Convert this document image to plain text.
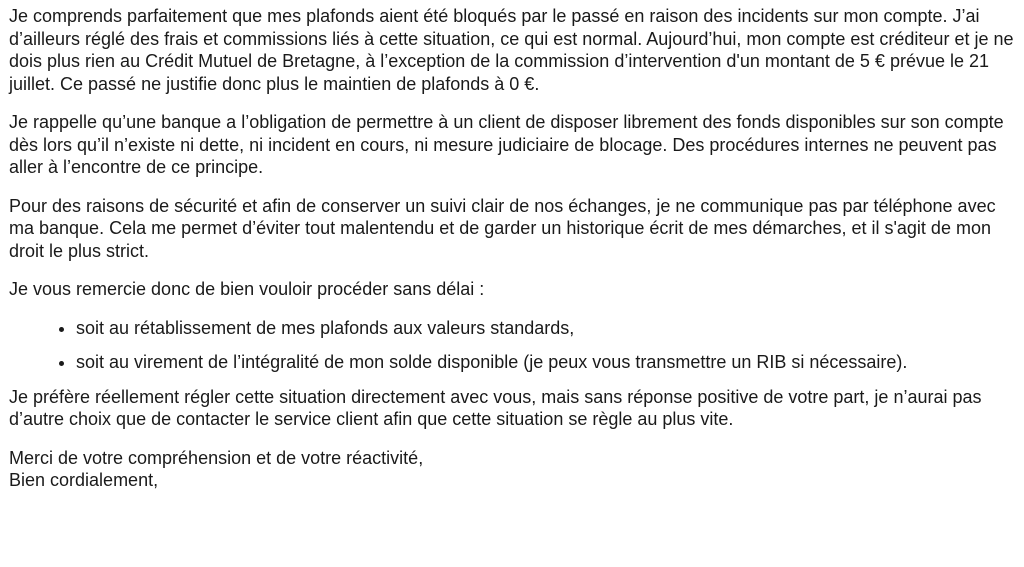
Je comprends parfaitement que mes plafonds aient été bloqués par le passé en raison des incidents sur mon compte. J’ai d’ailleurs réglé des frais et commissions liés à cette situation, ce qui est normal. Aujourd’hui, mon compte est créditeur et je ne dois plus rien au Crédit Mutuel de Bretagne, à l’exception de la commission d’intervention d'un montant de 5 € prévue le 21 juillet. Ce passé ne justifie donc plus le maintien de plafonds à 0 €.

Je rappelle qu’une banque a l’obligation de permettre à un client de disposer librement des fonds disponibles sur son compte dès lors qu’il n’existe ni dette, ni incident en cours, ni mesure judiciaire de blocage. Des procédures internes ne peuvent pas aller à l’encontre de ce principe.

Pour des raisons de sécurité et afin de conserver un suivi clair de nos échanges, je ne communique pas par téléphone avec ma banque. Cela me permet d’éviter tout malentendu et de garder un historique écrit de mes démarches, et il s'agit de mon droit le plus strict.

Je vous remercie donc de bien vouloir procéder sans délai :

• soit au rétablissement de mes plafonds aux valeurs standards,
• soit au virement de l’intégralité de mon solde disponible (je peux vous transmettre un RIB si nécessaire).

Je préfère réellement régler cette situation directement avec vous, mais sans réponse positive de votre part, je n’aurai pas d’autre choix que de contacter le service client afin que cette situation se règle au plus vite.

Merci de votre compréhension et de votre réactivité,
Bien cordialement,
